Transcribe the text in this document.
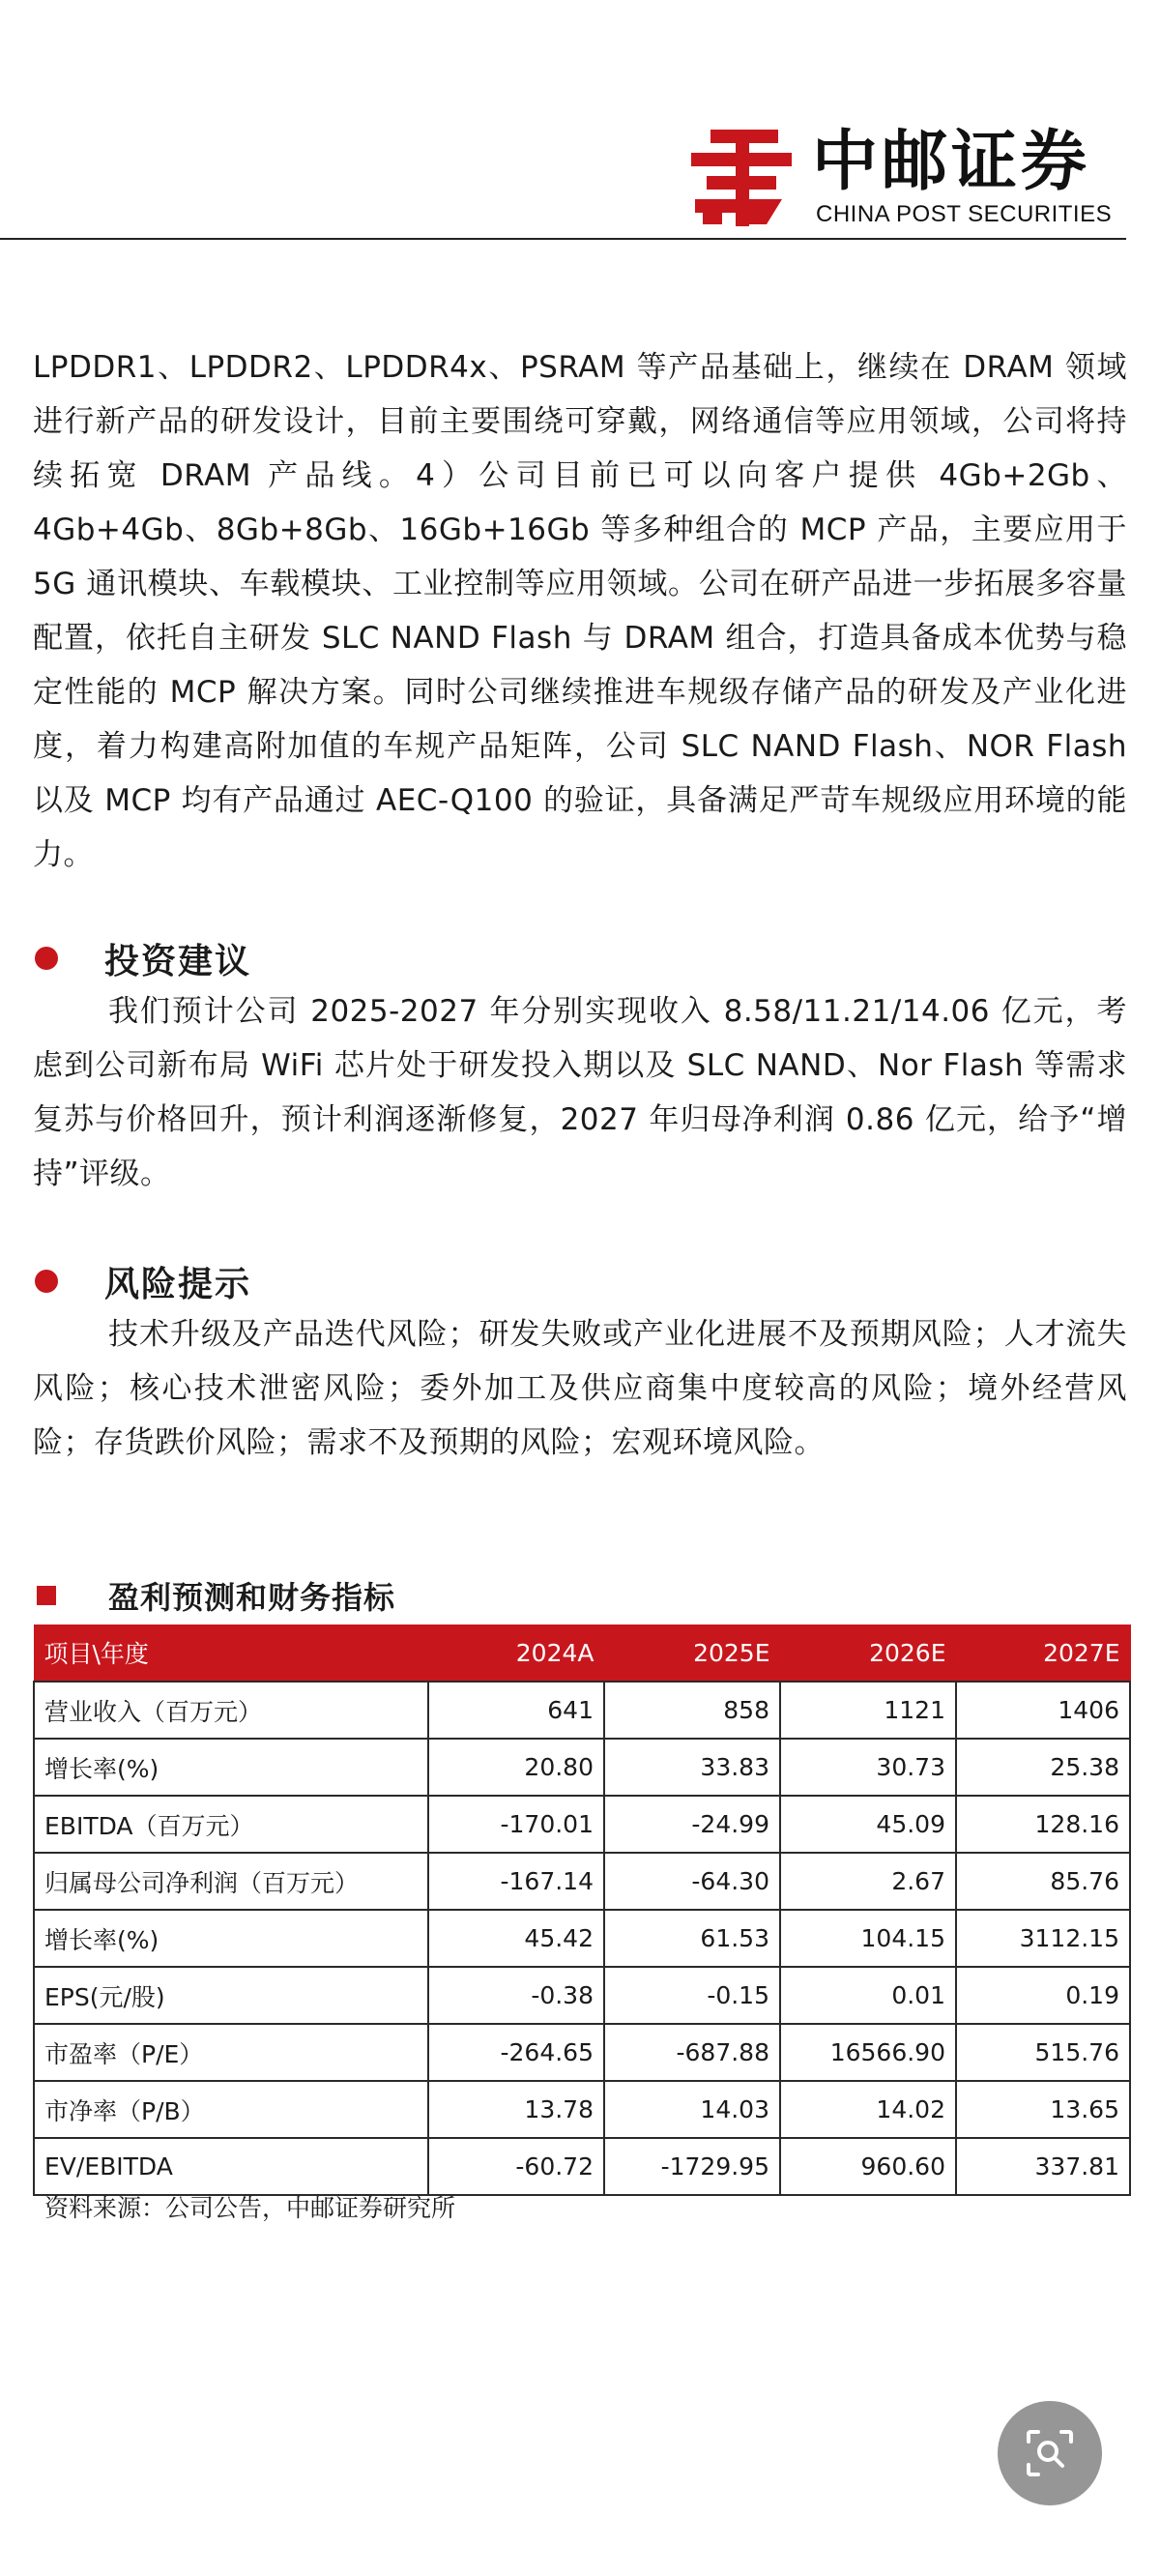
中邮证券
CHINA POST SECURITIES

LPDDR1、LPDDR2、LPDDR4x、PSRAM 等产品基础上，继续在 DRAM 领域进行新产品的研发设计，目前主要围绕可穿戴，网络通信等应用领域，公司将持续拓宽 DRAM 产品线。4）公司目前已可以向客户提供 4Gb+2Gb、4Gb+4Gb、8Gb+8Gb、16Gb+16Gb 等多种组合的 MCP 产品，主要应用于 5G 通讯模块、车载模块、工业控制等应用领域。公司在研产品进一步拓展多容量配置，依托自主研发 SLC NAND Flash 与 DRAM 组合，打造具备成本优势与稳定性能的 MCP 解决方案。同时公司继续推进车规级存储产品的研发及产业化进度，着力构建高附加值的车规产品矩阵，公司 SLC NAND Flash、NOR Flash 以及 MCP 均有产品通过 AEC-Q100 的验证，具备满足严苛车规级应用环境的能力。

投资建议

我们预计公司 2025-2027 年分别实现收入 8.58/11.21/14.06 亿元，考虑到公司新布局 WiFi 芯片处于研发投入期以及 SLC NAND、Nor Flash 等需求复苏与价格回升，预计利润逐渐修复，2027 年归母净利润 0.86 亿元，给予“增持”评级。

风险提示

技术升级及产品迭代风险；研发失败或产业化进展不及预期风险；人才流失风险；核心技术泄密风险；委外加工及供应商集中度较高的风险；境外经营风险；存货跌价风险；需求不及预期的风险；宏观环境风险。

盈利预测和财务指标
项目\年度	2024A	2025E	2026E	2027E
营业收入（百万元）	641	858	1121	1406
增长率(%)	20.80	33.83	30.73	25.38
EBITDA（百万元）	-170.01	-24.99	45.09	128.16
归属母公司净利润（百万元）	-167.14	-64.30	2.67	85.76
增长率(%)	45.42	61.53	104.15	3112.15
EPS(元/股)	-0.38	-0.15	0.01	0.19
市盈率（P/E）	-264.65	-687.88	16566.90	515.76
市净率（P/B）	13.78	14.03	14.02	13.65
EV/EBITDA	-60.72	-1729.95	960.60	337.81
资料来源：公司公告，中邮证券研究所
